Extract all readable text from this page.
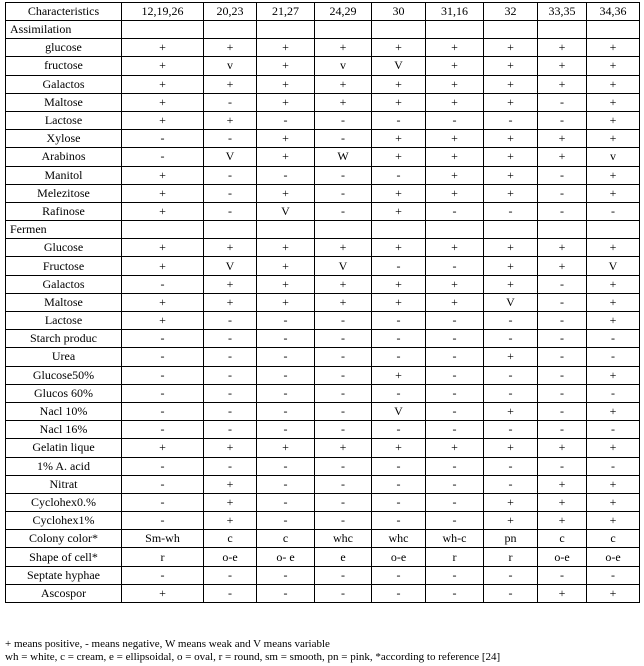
Characteristics	12,19,26	20,23	21,27	24,29	30	31,16	32	33,35	34,36
Assimilation									
glucose	+	+	+	+	+	+	+	+	+
fructose	+	v	+	v	V	+	+	+	+
Galactos	+	+	+	+	+	+	+	+	+
Maltose	+	-	+	+	+	+	+	-	+
Lactose	+	+	-	-	-	-	-	-	+
Xylose	-	-	+	-	+	+	+	+	+
Arabinos	-	V	+	W	+	+	+	+	v
Manitol	+	-	-	-	-	+	+	-	+
Melezitose	+	-	+	-	+	+	+	-	+
Rafinose	+	-	V	-	+	-	-	-	-
Fermen									
Glucose	+	+	+	+	+	+	+	+	+
Fructose	+	V	+	V	-	-	+	+	V
Galactos	-	+	+	+	+	+	+	-	+
Maltose	+	+	+	+	+	+	V	-	+
Lactose	+	-	-	-	-	-	-	-	+
Starch produc	-	-	-	-	-	-	-	-	-
Urea	-	-	-	-	-	-	+	-	-
Glucose50%	-	-	-	-	+	-	-	-	+
Glucos 60%	-	-	-	-	-	-	-	-	-
Nacl 10%	-	-	-	-	V	-	+	-	+
Nacl 16%	-	-	-	-	-	-	-	-	-
Gelatin lique	+	+	+	+	+	+	+	+	+
1% A. acid	-	-	-	-	-	-	-	-	-
Nitrat	-	+	-	-	-	-	-	+	+
Cyclohex0.%	-	+	-	-	-	-	+	+	+
Cyclohex1%	-	+	-	-	-	-	+	+	+
Colony color*	Sm-wh	c	c	whc	whc	wh-c	pn	c	c
Shape of cell*	r	o-e	o- e	e	o-e	r	r	o-e	o-e
Septate hyphae	-	-	-	-	-	-	-	-	-
Ascospor	+	-	-	-	-	-	-	+	+
+ means positive, - means negative, W means weak and V means variable
wh = white, c = cream, e = ellipsoidal, o = oval, r = round, sm = smooth, pn = pink, *according to reference [24]
